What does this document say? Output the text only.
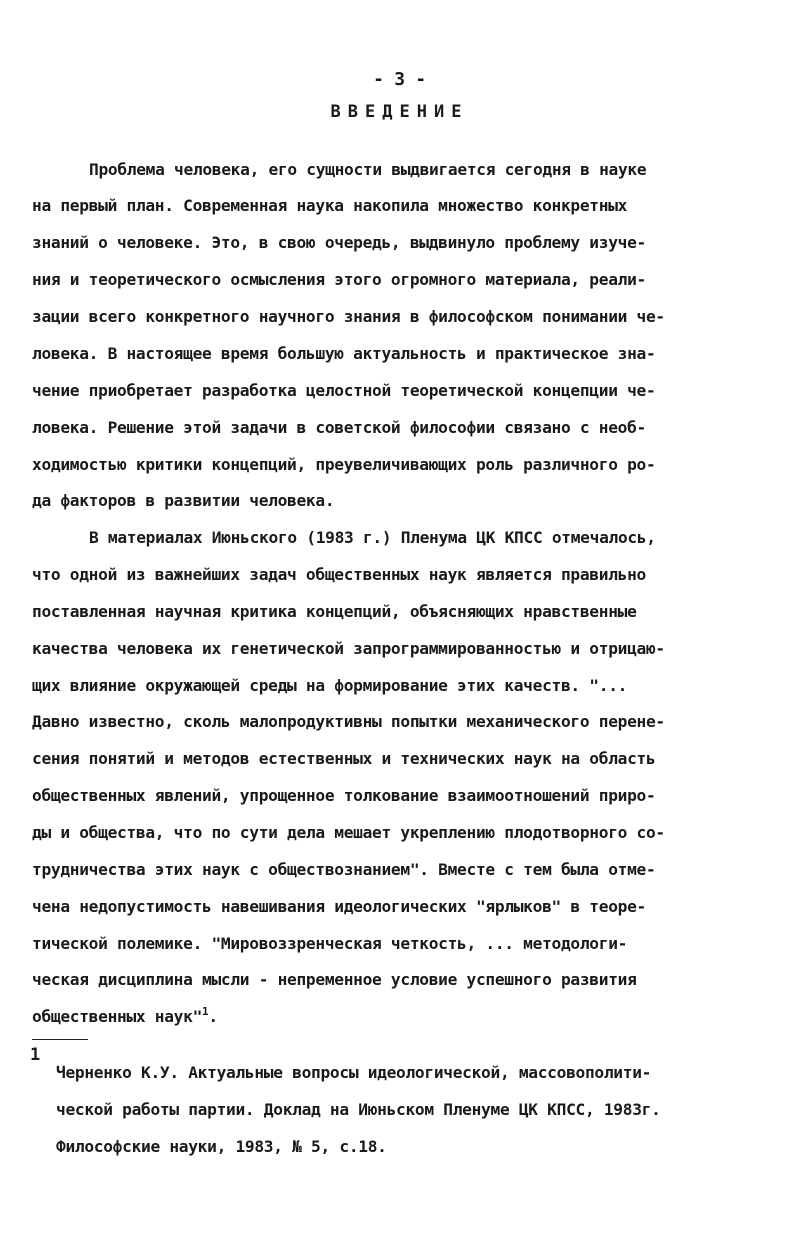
- 3 -
ВВЕДЕНИЕ
Проблема человека, его сущности выдвигается сегодня в науке
на первый план. Современная наука накопила множество конкретных
знаний о человеке. Это, в свою очередь, выдвинуло проблему изуче-
ния и теоретического осмысления этого огромного материала, реали-
зации всего конкретного научного знания в философском понимании че-
ловека. В настоящее время большую актуальность и практическое зна-
чение приобретает разработка целостной теоретической концепции че-
ловека. Решение этой задачи в советской философии связано с необ-
ходимостью критики концепций, преувеличивающих роль различного ро-
да факторов в развитии человека.
В материалах Июньского (1983 г.) Пленума ЦК КПСС отмечалось,
что одной из важнейших задач общественных наук является правильно
поставленная научная критика концепций, объясняющих нравственные
качества человека их генетической запрограммированностью и отрицаю-
щих влияние окружающей среды на формирование этих качеств. "...
Давно известно, сколь малопродуктивны попытки механического перене-
сения понятий и методов естественных и технических наук на область
общественных явлений, упрощенное толкование взаимоотношений приро-
ды и общества, что по сути дела мешает укреплению плодотворного со-
трудничества этих наук с обществознанием". Вместе с тем была отме-
чена недопустимость навешивания идеологических "ярлыков" в теоре-
тической полемике. "Мировоззренческая четкость, ... методологи-
ческая дисциплина мысли - непременное условие успешного развития
общественных наук"$^1$.
1
Черненко К.У. Актуальные вопросы идеологической, массовополити-
ческой работы партии. Доклад на Июньском Пленуме ЦК КПСС, 1983г.
Философские науки, 1983, № 5, с.18.
